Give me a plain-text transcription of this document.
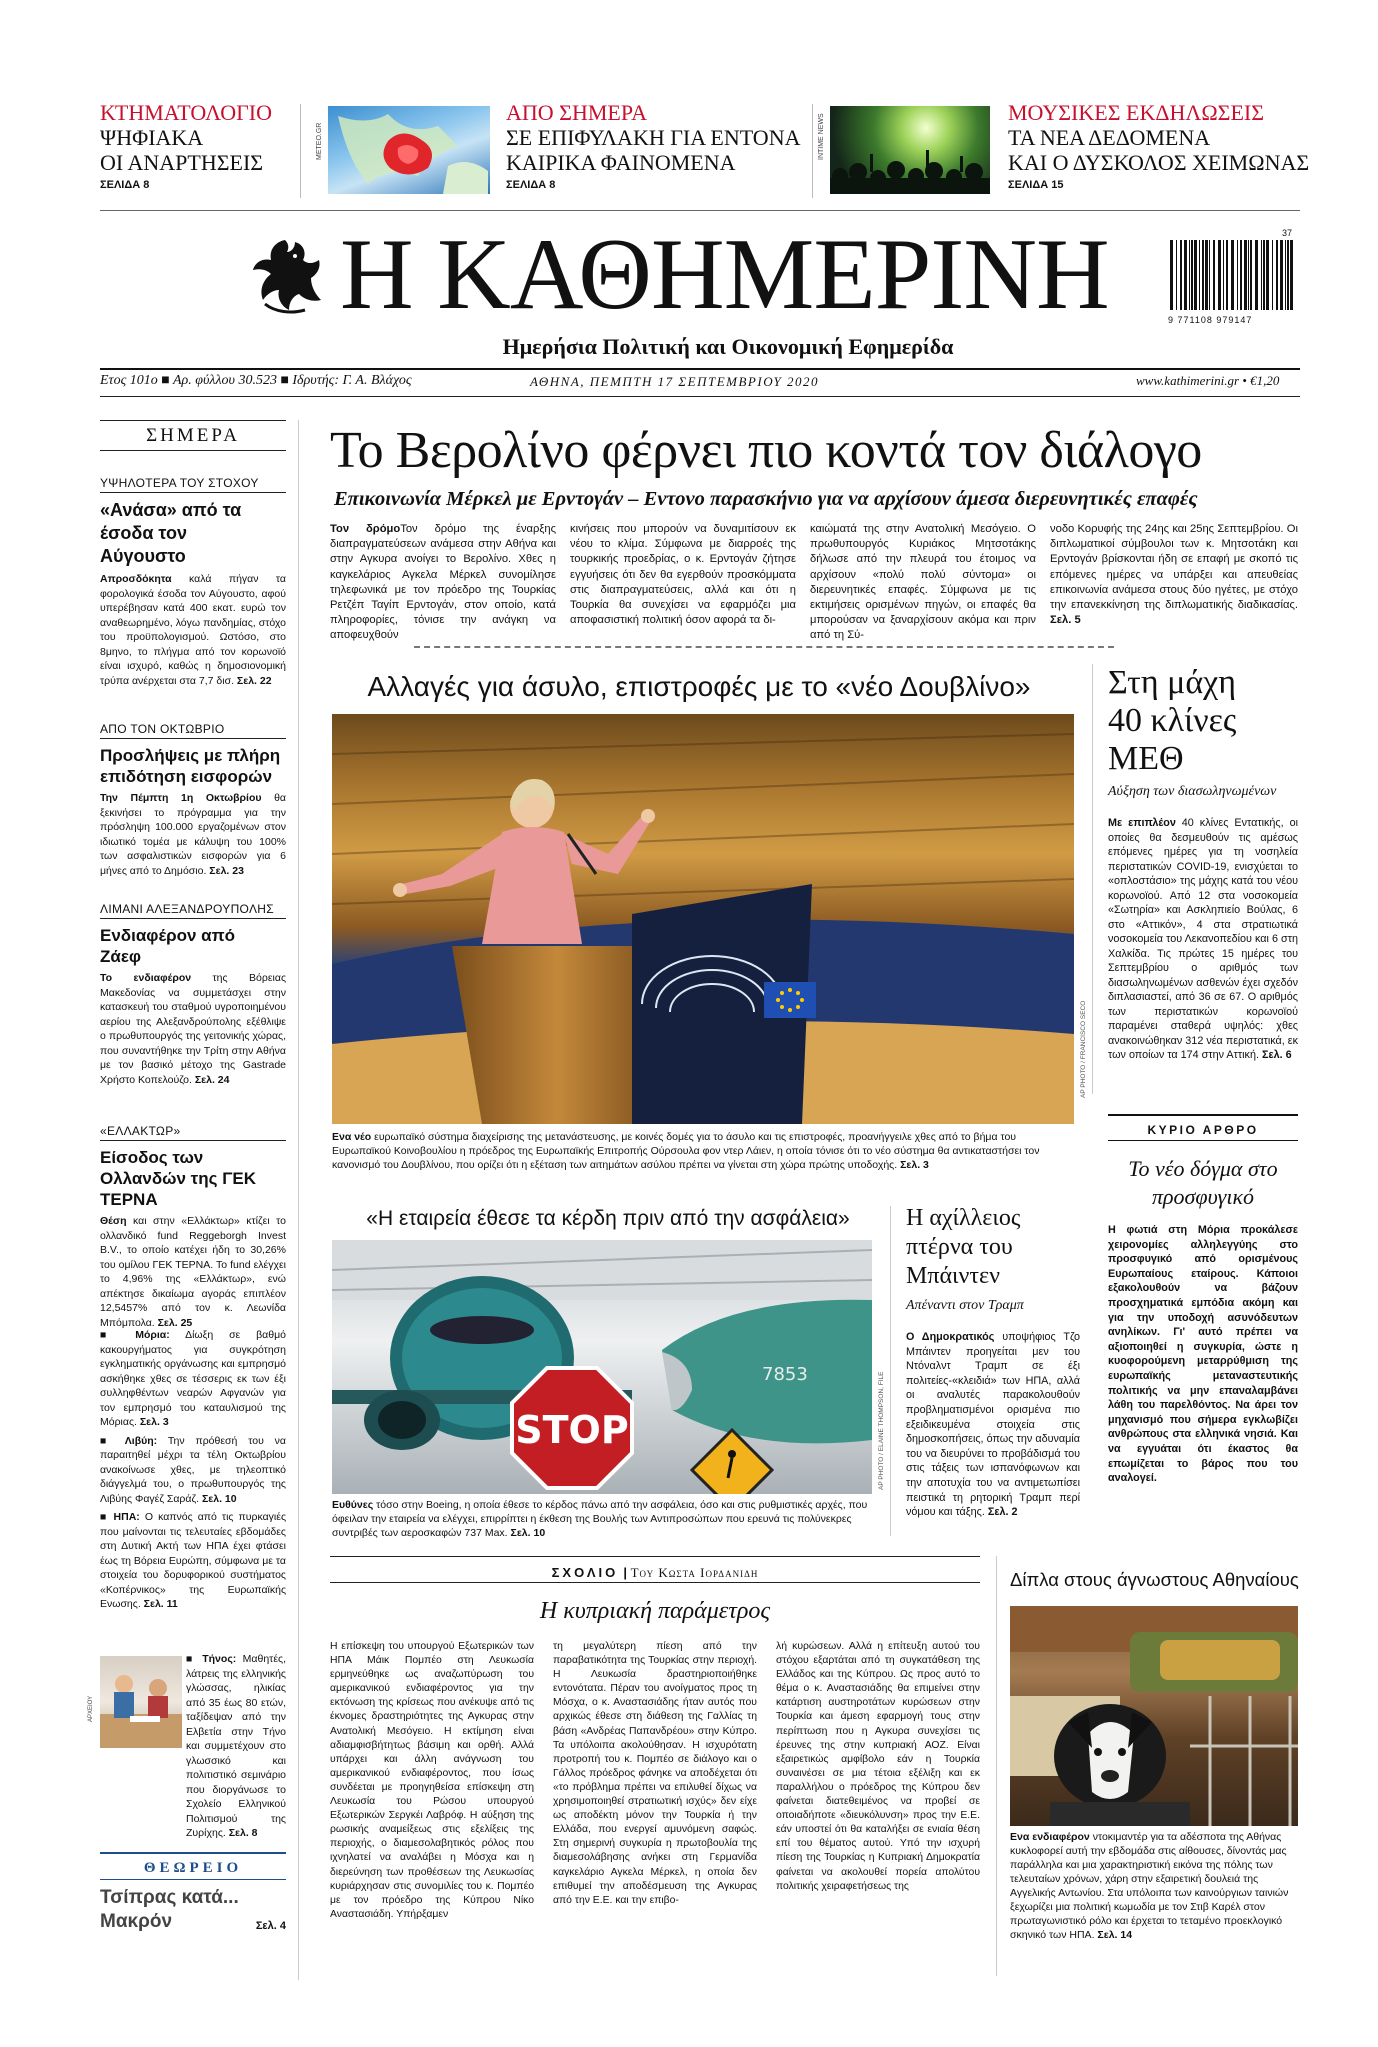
ΚΤΗΜΑΤΟΛΟΓΙΟ
ΨΗΦΙΑΚΑ
ΟΙ ΑΝΑΡΤΗΣΕΙΣ
ΣΕΛΙΔΑ 8
ΜΕΤΕΟ.GR
ΑΠΟ ΣΗΜΕΡΑ
ΣΕ ΕΠΙΦΥΛΑΚΗ ΓΙΑ ΕΝΤΟΝΑ
ΚΑΙΡΙΚΑ ΦΑΙΝΟΜΕΝΑ
ΣΕΛΙΔΑ 8
INTIME NEWS
ΜΟΥΣΙΚΕΣ ΕΚΔΗΛΩΣΕΙΣ
ΤΑ ΝΕΑ ΔΕΔΟΜΕΝΑ
ΚΑΙ Ο ΔΥΣΚΟΛΟΣ ΧΕΙΜΩΝΑΣ
ΣΕΛΙΔΑ 15
Η ΚΑΘΗΜΕΡΙΝΗ
Ημερήσια Πολιτική και Οικονομική Εφημερίδα
9 771108 979147
37
Ετος 101ο ■ Αρ. φύλλου 30.523 ■ Ιδρυτής: Γ. Α. Βλάχος	ΑΘΗΝΑ, ΠΕΜΠΤΗ 17 ΣΕΠΤΕΜΒΡΙΟΥ 2020	www.kathimerini.gr • €1,20
ΣΗΜΕΡΑ
ΥΨΗΛΟΤΕΡΑ ΤΟΥ ΣΤΟΧΟΥ
«Ανάσα» από τα έσοδα τον Αύγουστο
Απροσδόκητα καλά πήγαν τα φορολογικά έσοδα τον Αύγουστο, αφού υπερέβησαν κατά 400 εκατ. ευρώ τον αναθεωρημένο, λόγω πανδημίας, στόχο του προϋπολογισμού. Ωστόσο, στο 8μηνο, το πλήγμα από τον κορωνοϊό είναι ισχυρό, καθώς η δημοσιονομική τρύπα ανέρχεται στα 7,7 δισ. Σελ. 22
ΑΠΟ ΤΟΝ ΟΚΤΩΒΡΙΟ
Προσλήψεις με πλήρη επιδότηση εισφορών
Την Πέμπτη 1η Οκτωβρίου θα ξεκινήσει το πρόγραμμα για την πρόσληψη 100.000 εργαζομένων στον ιδιωτικό τομέα με κάλυψη του 100% των ασφαλιστικών εισφορών για 6 μήνες από το Δημόσιο. Σελ. 23
ΛΙΜΑΝΙ ΑΛΕΞΑΝΔΡΟΥΠΟΛΗΣ
Ενδιαφέρον από Ζάεφ
Το ενδιαφέρον της Βόρειας Μακεδονίας να συμμετάσχει στην κατασκευή του σταθμού υγροποιημένου αερίου της Αλεξανδρούπολης εξέθλιψε ο πρωθυπουργός της γειτονικής χώρας, που συναντήθηκε την Τρίτη στην Αθήνα με τον βασικό μέτοχο της Gastrade Χρήστο Κοπελούζο. Σελ. 24
«ΕΛΛΑΚΤΩΡ»
Είσοδος των Ολλανδών της ΓΕΚ ΤΕΡΝΑ
Θέση και στην «Ελλάκτωρ» κτίζει το ολλανδικό fund Reggeborgh Invest B.V., το οποίο κατέχει ήδη το 30,26% του ομίλου ΓΕΚ ΤΕΡΝΑ. Το fund ελέγχει το 4,96% της «Ελλάκτωρ», ενώ απέκτησε δικαίωμα αγοράς επιπλέον 12,5457% από τον κ. Λεωνίδα Μπόμπολα. Σελ. 25
■ Μόρια: Δίωξη σε βαθμό κακουργήματος για συγκρότηση εγκληματικής οργάνωσης και εμπρησμό ασκήθηκε χθες σε τέσσερις εκ των έξι συλληφθέντων νεαρών Αφγανών για τον εμπρησμό του καταυλισμού της Μόριας. Σελ. 3
■ Λιβύη: Την πρόθεσή του να παραιτηθεί μέχρι τα τέλη Οκτωβρίου ανακοίνωσε χθες, με τηλεοπτικό διάγγελμά του, ο πρωθυπουργός της Λιβύης Φαγέζ Σαράζ. Σελ. 10
■ ΗΠΑ: Ο καπνός από τις πυρκαγιές που μαίνονται τις τελευταίες εβδομάδες στη Δυτική Ακτή των ΗΠΑ έχει φτάσει έως τη Βόρεια Ευρώπη, σύμφωνα με τα στοιχεία του δορυφορικού συστήματος «Κοπέρνικος» της Ευρωπαϊκής Ενωσης. Σελ. 11
ΑΡΧΕΙΟΥ
■ Τήνος: Μαθητές, λάτρεις της ελληνικής γλώσσας, ηλικίας από 35 έως 80 ετών, ταξίδεψαν από την Ελβετία στην Τήνο και συμμετέχουν στο γλωσσικό και πολιτιστικό σεμινάριο που διοργάνωσε το Σχολείο Ελληνικού Πολιτισμού της Ζυρίχης. Σελ. 8
ΘΕΩΡΕΙΟ
Τσίπρας κατά... Μακρόν	Σελ. 4
Το Βερολίνο φέρνει πιο κοντά τον διάλογο
Επικοινωνία Μέρκελ με Ερντογάν – Εντονο παρασκήνιο για να αρχίσουν άμεσα διερευνητικές επαφές
Τον δρόμοΤον δρόμο της έναρξης διαπραγματεύσεων ανάμεσα στην Αθήνα και στην Αγκυρα ανοίγει το Βερολίνο. Χθες η καγκελάριος Αγκελα Μέρκελ συνομίλησε τηλεφωνικά με τον πρόεδρο της Τουρκίας Ρετζέπ Ταγίπ Ερντογάν, στον οποίο, κατά πληροφορίες, τόνισε την ανάγκη να αποφευχθούν
κινήσεις που μπορούν να δυναμιτίσουν εκ νέου το κλίμα. Σύμφωνα με διαρροές της τουρκικής προεδρίας, ο κ. Ερντογάν ζήτησε εγγυήσεις ότι δεν θα εγερθούν προσκόμματα στις διαπραγματεύσεις, αλλά και ότι η Τουρκία θα συνεχίσει να εφαρμόζει μια αποφασιστική πολιτική όσον αφορά τα δι-
καιώματά της στην Ανατολική Μεσόγειο. Ο πρωθυπουργός Κυριάκος Μητσοτάκης δήλωσε από την πλευρά του έτοιμος να αρχίσουν «πολύ πολύ σύντομα» οι διερευνητικές επαφές. Σύμφωνα με τις εκτιμήσεις ορισμένων πηγών, οι επαφές θα μπορούσαν να ξαναρχίσουν ακόμα και πριν από τη Σύ-
νοδο Κορυφής της 24ης και 25ης Σεπτεμβρίου. Οι διπλωματικοί σύμβουλοι των κ. Μητσοτάκη και Ερντογάν βρίσκονται ήδη σε επαφή με σκοπό τις επόμενες ημέρες να υπάρξει και απευθείας επικοινωνία ανάμεσα στους δύο ηγέτες, με στόχο την επανεκκίνηση της διπλωματικής διαδικασίας. Σελ. 5
Αλλαγές για άσυλο, επιστροφές με το «νέο Δουβλίνο»
AP PHOTO / FRANCISCO SECO
Ενα νέο ευρωπαϊκό σύστημα διαχείρισης της μετανάστευσης, με κοινές δομές για το άσυλο και τις επιστροφές, προανήγγειλε χθες από το βήμα του Ευρωπαϊκού Κοινοβουλίου η πρόεδρος της Ευρωπαϊκής Επιτροπής Ούρσουλα φον ντερ Λάιεν, η οποία τόνισε ότι το νέο σύστημα θα αντικαταστήσει τον κανονισμό του Δουβλίνου, που ορίζει ότι η εξέταση των αιτημάτων ασύλου πρέπει να γίνεται στη χώρα πρώτης υποδοχής. Σελ. 3
Στη μάχη 40 κλίνες ΜΕΘ
Αύξηση των διασωληνωμένων
Με επιπλέον 40 κλίνες Εντατικής, οι οποίες θα δεσμευθούν τις αμέσως επόμενες ημέρες για τη νοσηλεία περιστατικών COVID-19, ενισχύεται το «οπλοστάσιο» της μάχης κατά του νέου κορωνοϊού. Από 12 στα νοσοκομεία «Σωτηρία» και Ασκληπιείο Βούλας, 6 στο «Αττικόν», 4 στα στρατιωτικά νοσοκομεία του Λεκανοπεδίου και 6 στη Χαλκίδα. Τις πρώτες 15 ημέρες του Σεπτεμβρίου ο αριθμός των διασωληνωμένων ασθενών έχει σχεδόν διπλασιαστεί, από 36 σε 67. Ο αριθμός των περιστατικών κορωνοϊού παραμένει σταθερά υψηλός: χθες ανακοινώθηκαν 312 νέα περιστατικά, εκ των οποίων τα 174 στην Αττική. Σελ. 6
ΚΥΡΙΟ ΑΡΘΡΟ
Το νέο δόγμα στο προσφυγικό
Η φωτιά στη Μόρια προκάλεσε χειρονομίες αλληλεγγύης στο προσφυγικό από ορισμένους Ευρωπαίους εταίρους. Κάποιοι εξακολουθούν να βάζουν προσχηματικά εμπόδια ακόμη και για την υποδοχή ασυνόδευτων ανηλίκων. Γι' αυτό πρέπει να αξιοποιηθεί η συγκυρία, ώστε η κυοφορούμενη μεταρρύθμιση της ευρωπαϊκής μεταναστευτικής πολιτικής να μην επαναλαμβάνει λάθη του παρελθόντος. Να άρει τον μηχανισμό που σήμερα εγκλωβίζει ανθρώπους στα ελληνικά νησιά. Και να εγγυάται ότι έκαστος θα επωμίζεται το βάρος που του αναλογεί.
«Η εταιρεία έθεσε τα κέρδη πριν από την ασφάλεια»
7853
STOP	AP PHOTO / ELAINE THOMPSON, FILE
Ευθύνες τόσο στην Boeing, η οποία έθεσε το κέρδος πάνω από την ασφάλεια, όσο και στις ρυθμιστικές αρχές, που όφειλαν την εταιρεία να ελέγχει, επιρρίπτει η έκθεση της Βουλής των Αντιπροσώπων που ερευνά τις πολύνεκρες συντριβές των αεροσκαφών 737 Max. Σελ. 10
Η αχίλλειος πτέρνα του Μπάιντεν
Απέναντι στον Τραμπ
Ο Δημοκρατικός υποψήφιος Τζο Μπάιντεν προηγείται μεν του Ντόναλντ Τραμπ σε έξι πολιτείες-«κλειδιά» των ΗΠΑ, αλλά οι αναλυτές παρακολουθούν προβληματισμένοι ορισμένα πιο εξειδικευμένα στοιχεία στις δημοσκοπήσεις, όπως την αδυναμία του να διευρύνει το προβάδισμά του στις τάξεις των ισπανόφωνων και την αποτυχία του να αντιμετωπίσει πειστικά τη ρητορική Τραμπ περί νόμου και τάξης. Σελ. 2
ΣΧΟΛΙΟ | Του Κωστα Ιορδανιδη
Η κυπριακή παράμετρος
Η επίσκεψη του υπουργού Εξωτερικών των ΗΠΑ Μάικ Πομπέο στη Λευκωσία ερμηνεύθηκε ως αναζωπύρωση του αμερικανικού ενδιαφέροντος για την εκτόνωση της κρίσεως που ανέκυψε από τις έκνομες δραστηριότητες της Αγκυρας στην Ανατολική Μεσόγειο. Η εκτίμηση είναι αδιαμφισβήτητως βάσιμη και ορθή. Αλλά υπάρχει και άλλη ανάγνωση του αμερικανικού ενδιαφέροντος, που ίσως συνδέεται με προηγηθείσα επίσκεψη στη Λευκωσία του Ρώσου υπουργού Εξωτερικών Σεργκέι Λαβρόφ. Η αύξηση της ρωσικής αναμείξεως στις εξελίξεις της περιοχής, ο διαμεσολαβητικός ρόλος που ιχνηλατεί να αναλάβει η Μόσχα και η διερεύνηση των προθέσεων της Λευκωσίας κυριάρχησαν στις συνομιλίες του κ. Πομπέο με τον πρόεδρο της Κύπρου Νίκο Αναστασιάδη. Υπήρξαμεν
τη μεγαλύτερη πίεση από την παραβατικότητα της Τουρκίας στην περιοχή. Η Λευκωσία δραστηριοποιήθηκε εντονότατα. Πέραν του ανοίγματος προς τη Μόσχα, ο κ. Αναστασιάδης ήταν αυτός που αρχικώς έθεσε στη διάθεση της Γαλλίας τη βάση «Ανδρέας Παπανδρέου» στην Κύπρο. Τα υπόλοιπα ακολούθησαν. Η ισχυρότατη προτροπή του κ. Πομπέο σε διάλογο και ο Γάλλος πρόεδρος φάνηκε να αποδέχεται ότι «το πρόβλημα πρέπει να επιλυθεί δίχως να χρησιμοποιηθεί στρατιωτική ισχύς» δεν είχε ως αποδέκτη μόνον την Τουρκία ή την Ελλάδα, που ενεργεί αμυνόμενη σαφώς. Στη σημερινή συγκυρία η πρωτοβουλία της διαμεσολάβησης ανήκει στη Γερμανίδα καγκελάριο Αγκελα Μέρκελ, η οποία δεν επιθυμεί την αποδέσμευση της Αγκυρας από την Ε.Ε. και την επιβο-
λή κυρώσεων. Αλλά η επίτευξη αυτού του στόχου εξαρτάται από τη συγκατάθεση της Ελλάδος και της Κύπρου. Ως προς αυτό το θέμα ο κ. Αναστασιάδης θα επιμείνει στην κατάρτιση αυστηροτάτων κυρώσεων στην Τουρκία και άμεση εφαρμογή τους στην περίπτωση που η Αγκυρα συνεχίσει τις έρευνες της στην κυπριακή ΑΟΖ. Είναι εξαιρετικώς αμφίβολο εάν η Τουρκία συναινέσει σε μια τέτοια εξέλιξη και εκ παραλλήλου ο πρόεδρος της Κύπρου δεν φαίνεται διατεθειμένος να προβεί σε οποιαδήποτε «διευκόλυνση» προς την Ε.Ε. εάν υποστεί ότι θα καταλήξει σε ενιαία θέση επί του θέματος αυτού. Υπό την ισχυρή πίεση της Τουρκίας η Κυπριακή Δημοκρατία φαίνεται να ακολουθεί πορεία απολύτου πολιτικής χειραφετήσεως της
Δίπλα στους άγνωστους Αθηναίους
Ενα ενδιαφέρον ντοκιμαντέρ για τα αδέσποτα της Αθήνας κυκλοφορεί αυτή την εβδομάδα στις αίθουσες, δίνοντάς μας παράλληλα και μια χαρακτηριστική εικόνα της πόλης των τελευταίων χρόνων, χάρη στην εξαιρετική δουλειά της Αγγελικής Αντωνίου. Στα υπόλοιπα των καινούργιων ταινιών ξεχωρίζει μια πολιτική κωμωδία με τον Στιβ Καρέλ στον πρωταγωνιστικό ρόλο και έρχεται το τεταμένο προεκλογικό σκηνικό των ΗΠΑ. Σελ. 14
